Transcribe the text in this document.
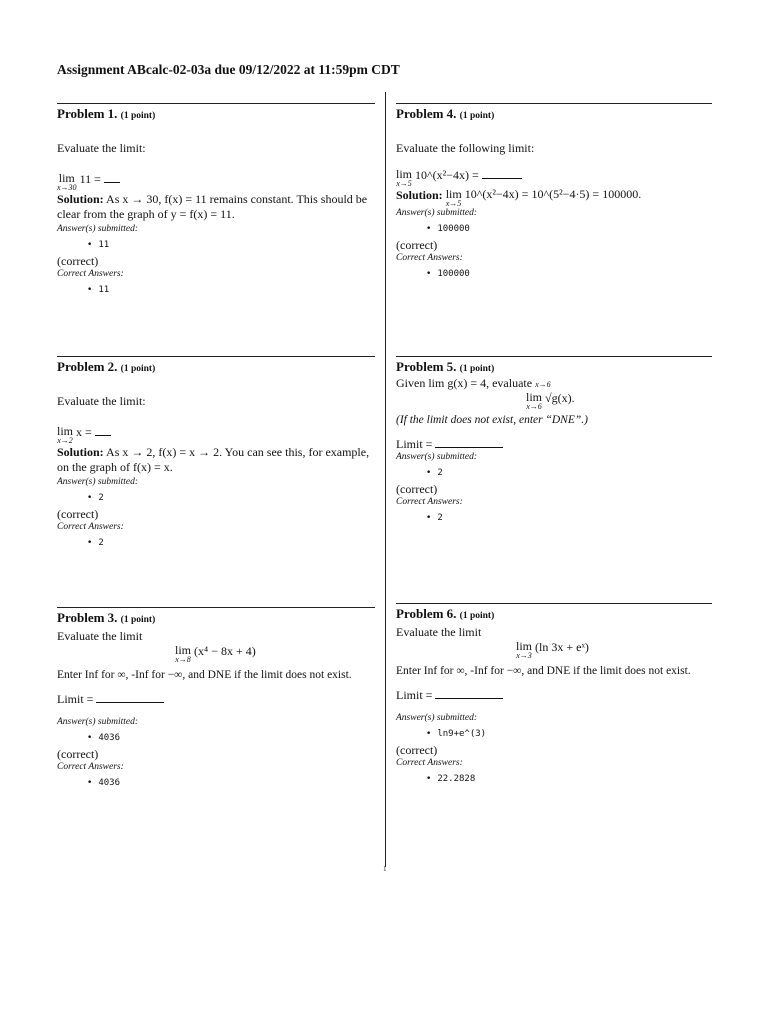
Assignment ABcalc-02-03a due 09/12/2022 at 11:59pm CDT
Problem 1. (1 point)
Evaluate the limit:
lim
x→30
11 =
Solution: As x → 30, f(x) = 11 remains constant. This should be
clear from the graph of y = f(x) = 11.
Answer(s) submitted:
• 11
(correct)
Correct Answers:
• 11
Problem 2. (1 point)
Evaluate the limit:
lim
x→2
x =
Solution: As x → 2, f(x) = x → 2. You can see this, for example,
on the graph of f(x) = x.
Answer(s) submitted:
• 2
(correct)
Correct Answers:
• 2
Problem 3. (1 point)
Evaluate the limit
lim
x→8
(x⁴ − 8x + 4)
Enter Inf for ∞, -Inf for −∞, and DNE if the limit does not exist.
Limit =
Answer(s) submitted:
• 4036
(correct)
Correct Answers:
• 4036
Problem 4. (1 point)
Evaluate the following limit:
lim
x→5
10^(x²−4x) =
Solution: lim 10^(x²−4x) = 10^(5²−4·5) = 100000.
x→5
Answer(s) submitted:
• 100000
(correct)
Correct Answers:
• 100000
Problem 5. (1 point)
Given lim g(x) = 4, evaluate x→6
lim
x→6
√g(x).
(If the limit does not exist, enter “DNE”.)
Limit =
Answer(s) submitted:
• 2
(correct)
Correct Answers:
• 2
Problem 6. (1 point)
Evaluate the limit
lim
x→3
(ln 3x + eˣ)
Enter Inf for ∞, -Inf for −∞, and DNE if the limit does not exist.
Limit =
Answer(s) submitted:
• ln9+e^(3)
(correct)
Correct Answers:
• 22.2828
1
